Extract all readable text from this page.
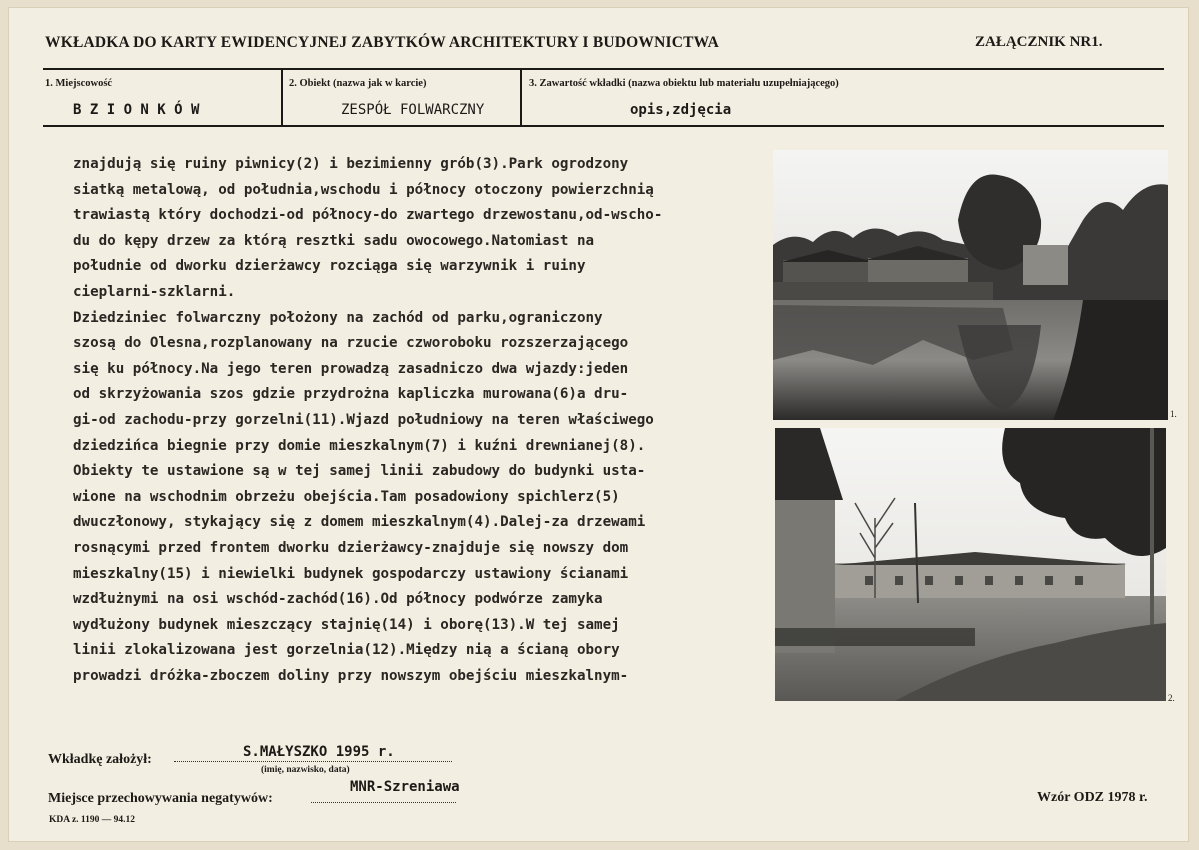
WKŁADKA DO KARTY EWIDENCYJNEJ ZABYTKÓW ARCHITEKTURY I BUDOWNICTWA	ZAŁĄCZNIK NR1.
1. Miejscowość
B Z I O N K Ó W
2. Obiekt (nazwa jak w karcie)
ZESPÓŁ FOLWARCZNY
3. Zawartość wkładki (nazwa obiektu lub materiału uzupełniającego)
opis,zdjęcia
znajdują się ruiny piwnicy(2) i bezimienny grób(3).Park ogrodzony
siatką metalową, od południa,wschodu i północy otoczony powierzchnią
trawiastą który dochodzi-od północy-do zwartego drzewostanu,od-wscho-
du do kępy drzew za którą resztki sadu owocowego.Natomiast na
południe od dworku dzierżawcy rozciąga się warzywnik i ruiny
cieplarni-szklarni.
Dziedziniec folwarczny położony na zachód od parku,ograniczony
szosą do Olesna,rozplanowany na rzucie czworoboku rozszerzającego
się ku północy.Na jego teren prowadzą zasadniczo dwa wjazdy:jeden
od skrzyżowania szos gdzie przydrożna kapliczka murowana(6)a dru-
gi-od zachodu-przy gorzelni(11).Wjazd południowy na teren właściwego
dziedzińca biegnie przy domie mieszkalnym(7) i kuźni drewnianej(8).
Obiekty te ustawione są w tej samej linii zabudowy do budynki usta-
wione na wschodnim obrzeżu obejścia.Tam posadowiony spichlerz(5)
dwuczłonowy, stykający się z domem mieszkalnym(4).Dalej-za drzewami
rosnącymi przed frontem dworku dzierżawcy-znajduje się nowszy dom
mieszkalny(15) i niewielki budynek gospodarczy ustawiony ścianami
wzdłużnymi na osi wschód-zachód(16).Od północy podwórze zamyka
wydłużony budynek mieszczący stajnię(14) i oborę(13).W tej samej
linii zlokalizowana jest gorzelnia(12).Między nią a ścianą obory
prowadzi dróżka-zboczem doliny przy nowszym obejściu mieszkalnym-
1.
2.
Wkładkę założył:	S.MAŁYSZKO 1995 r.
(imię, nazwisko, data)
Miejsce przechowywania negatywów:
MNR-Szreniawa
KDA z. 1190 — 94.12
Wzór ODZ 1978 r.
